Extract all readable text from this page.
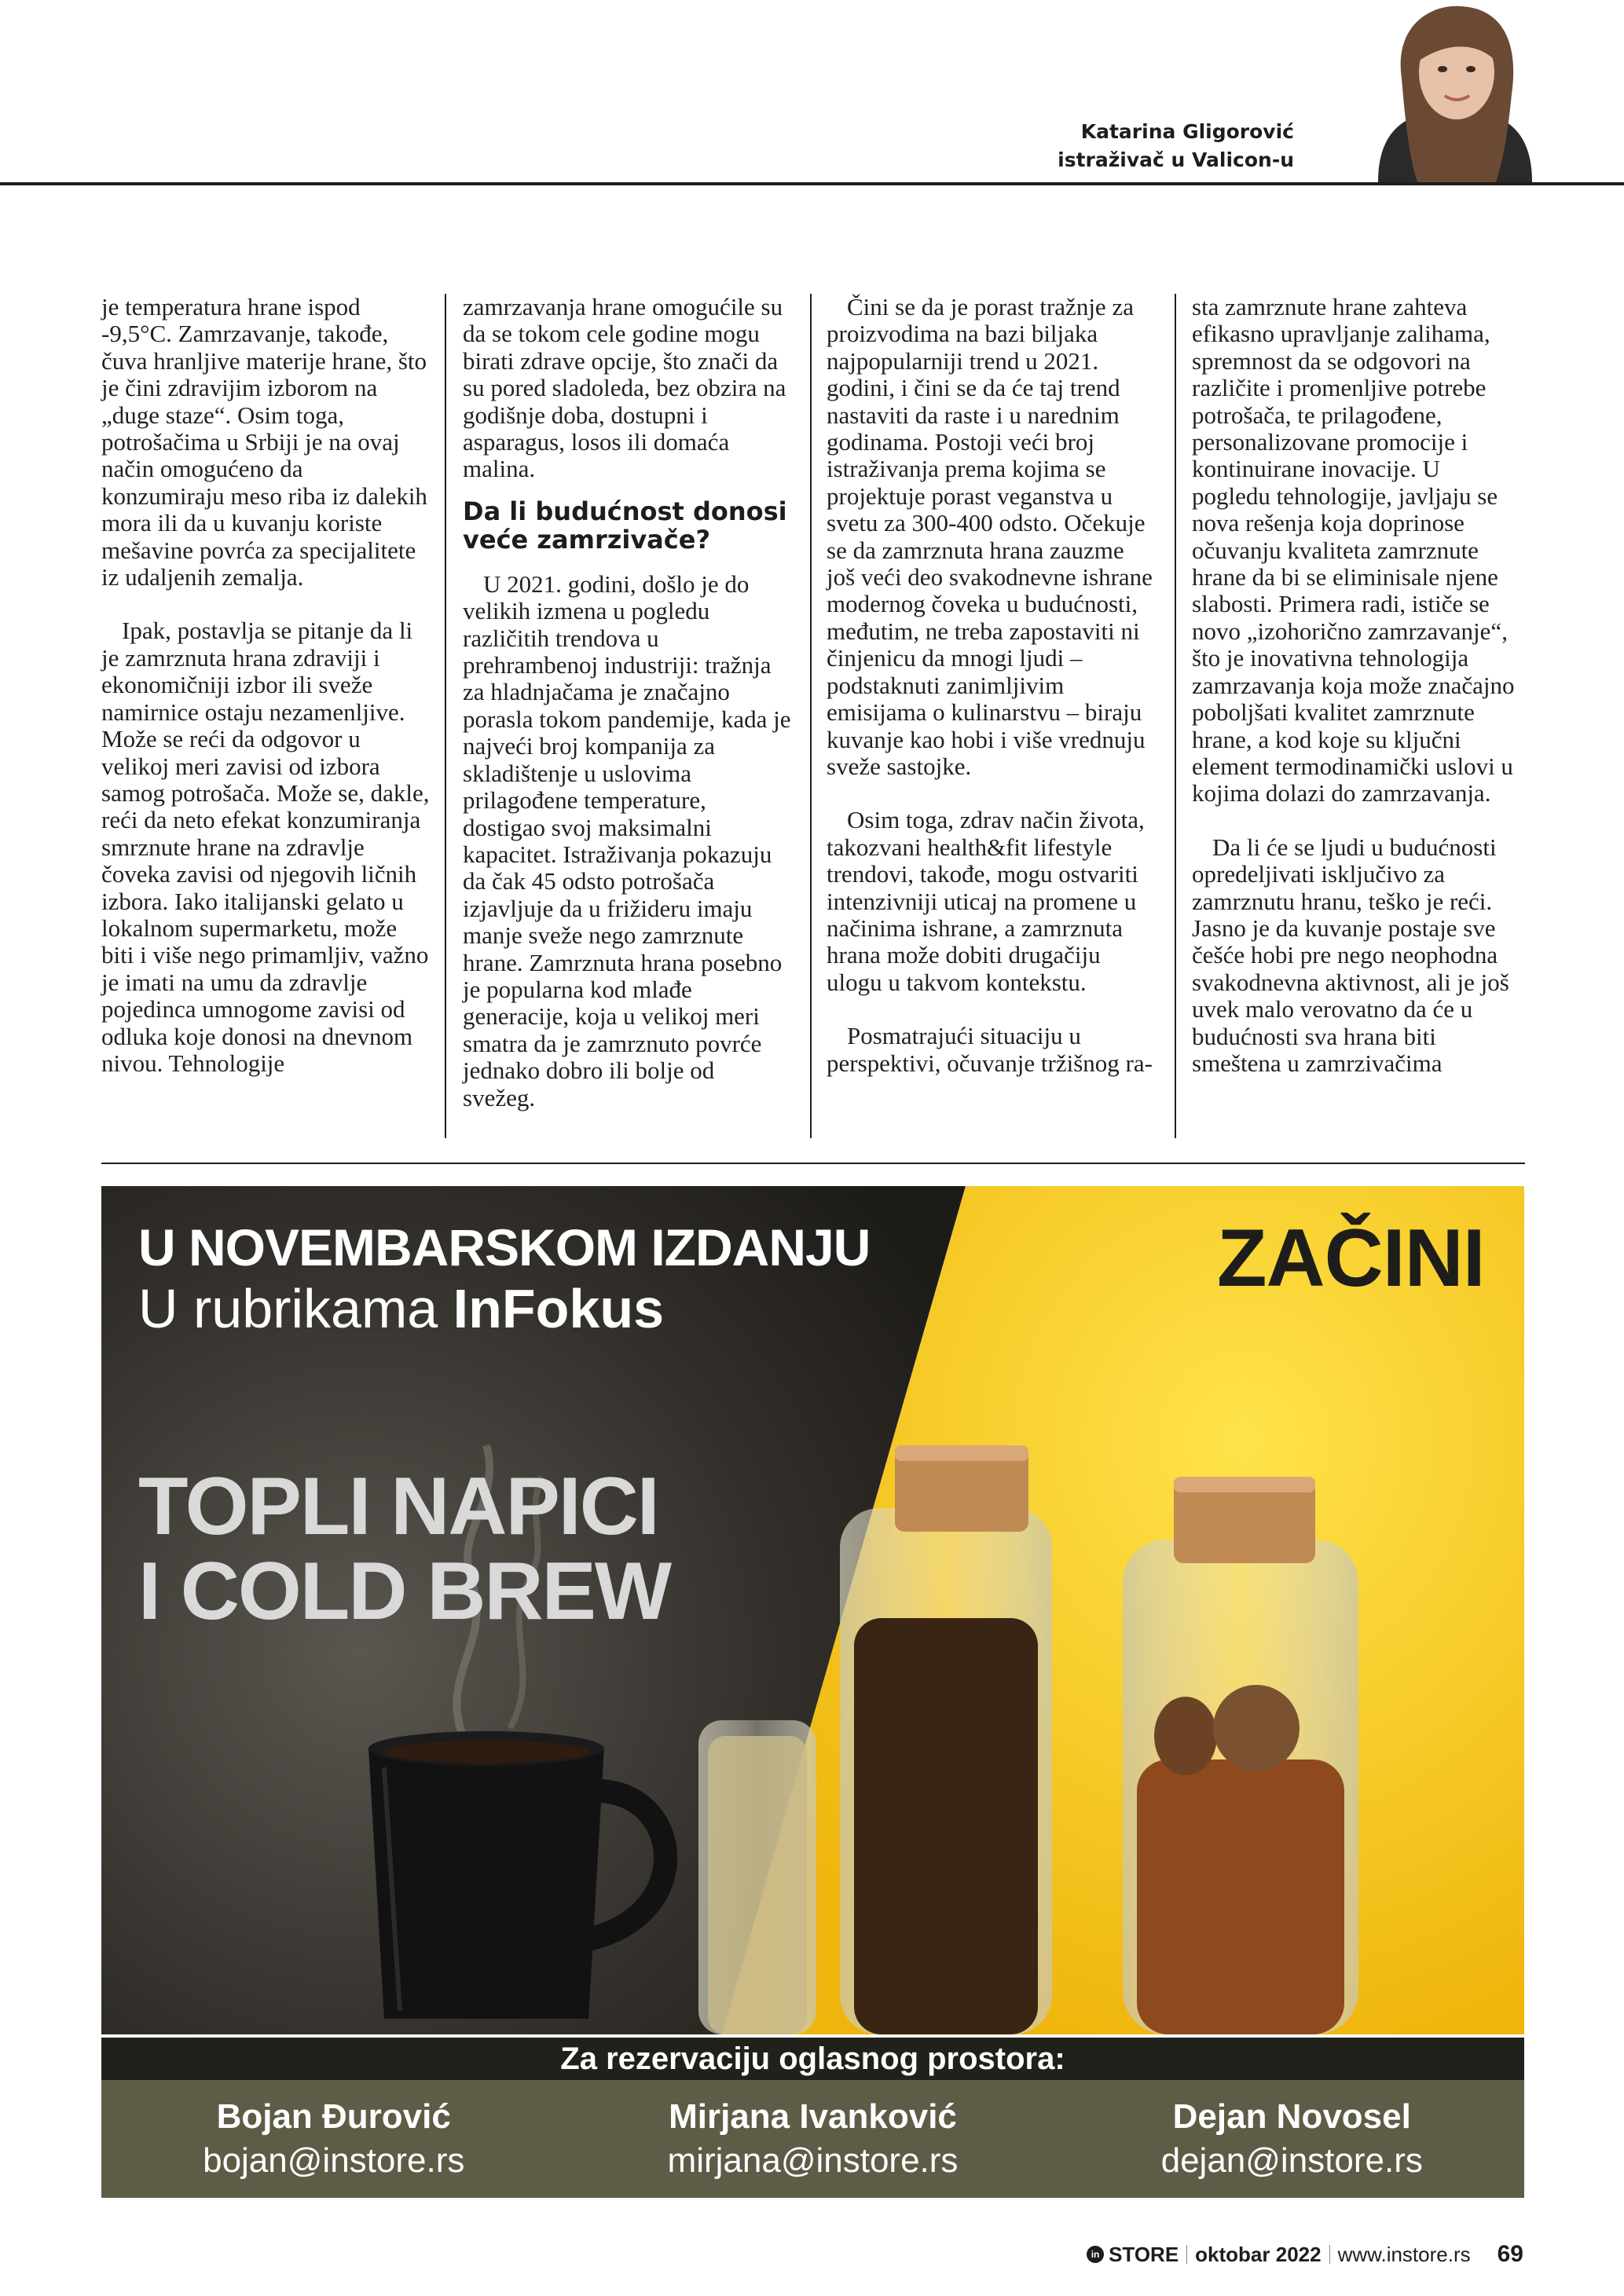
Katarina Gligorović
istraživač u Valicon-u

je temperatura hrane ispod -9,5°C. Zamrzavanje, takođe, čuva hranljive materije hrane, što je čini zdravijim izborom na „duge staze“. Osim toga, potrošačima u Srbiji je na ovaj način omogućeno da konzumiraju meso riba iz dalekih mora ili da u kuvanju koriste mešavine povrća za specijalitete iz udaljenih zemalja.

Ipak, postavlja se pitanje da li je zamrznuta hrana zdraviji i ekonomičniji izbor ili sveže namirnice ostaju nezamenljive. Može se reći da odgovor u velikoj meri zavisi od izbora samog potrošača. Može se, dakle, reći da neto efekat konzumiranja smrznute hrane na zdravlje čoveka zavisi od njegovih ličnih izbora. Iako italijanski gelato u lokalnom supermarketu, može biti i više nego primamljiv, važno je imati na umu da zdravlje pojedinca umnogome zavisi od odluka koje donosi na dnevnom nivou. Tehnologije

zamrzavanja hrane omogućile su da se tokom cele godine mogu birati zdrave opcije, što znači da su pored sladoleda, bez obzira na godišnje doba, dostupni i asparagus, losos ili domaća malina.

Da li budućnost donosi veće zamrzivače?

U 2021. godini, došlo je do velikih izmena u pogledu različitih trendova u prehrambenoj industriji: tražnja za hladnjačama je značajno porasla tokom pandemije, kada je najveći broj kompanija za skladištenje u uslovima prilagođene temperature, dostigao svoj maksimalni kapacitet. Istraživanja pokazuju da čak 45 odsto potrošača izjavljuje da u frižideru imaju manje sveže nego zamrznute hrane. Zamrznuta hrana posebno je popularna kod mlađe generacije, koja u velikoj meri smatra da je zamrznuto povrće jednako dobro ili bolje od svežeg.

Čini se da je porast tražnje za proizvodima na bazi biljaka najpopularniji trend u 2021. godini, i čini se da će taj trend nastaviti da raste i u narednim godinama. Postoji veći broj istraživanja prema kojima se projektuje porast veganstva u svetu za 300-400 odsto. Očekuje se da zamrznuta hrana zauzme još veći deo svakodnevne ishrane modernog čoveka u budućnosti, međutim, ne treba zapostaviti ni činjenicu da mnogi ljudi – podstaknuti zanimljivim emisijama o kulinarstvu – biraju kuvanje kao hobi i više vrednuju sveže sastojke.

Osim toga, zdrav način života, takozvani health&fit lifestyle trendovi, takođe, mogu ostvariti intenzivniji uticaj na promene u načinima ishrane, a zamrznuta hrana može dobiti drugačiju ulogu u takvom kontekstu.

Posmatrajući situaciju u perspektivi, očuvanje tržišnog ra-

sta zamrznute hrane zahteva efikasno upravljanje zalihama, spremnost da se odgovori na različite i promenljive potrebe potrošača, te prilagođene, personalizovane promocije i kontinuirane inovacije. U pogledu tehnologije, javljaju se nova rešenja koja doprinose očuvanju kvaliteta zamrznute hrane da bi se eliminisale njene slabosti. Primera radi, ističe se novo „izohorično zamrzavanje“, što je inovativna tehnologija zamrzavanja koja može značajno poboljšati kvalitet zamrznute hrane, a kod koje su ključni element termodinamički uslovi u kojima dolazi do zamrzavanja.

Da li će se ljudi u budućnosti opredeljivati isključivo za zamrznutu hranu, teško je reći. Jasno je da kuvanje postaje sve češće hobi pre nego neophodna svakodnevna aktivnost, ali je još uvek malo verovatno da će u budućnosti sva hrana biti smeštena u zamrzivačima

U NOVEMBARSKOM IZDANJU
U rubrikama InFokus
TOPLI NAPICI
I COLD BREW
ZAČINI
Za rezervaciju oglasnog prostora:
Bojan Đurović
bojan@instore.rs
Mirjana Ivanković
mirjana@instore.rs
Dejan Novosel
dejan@instore.rs
in STORE oktobar 2022 www.instore.rs 69
